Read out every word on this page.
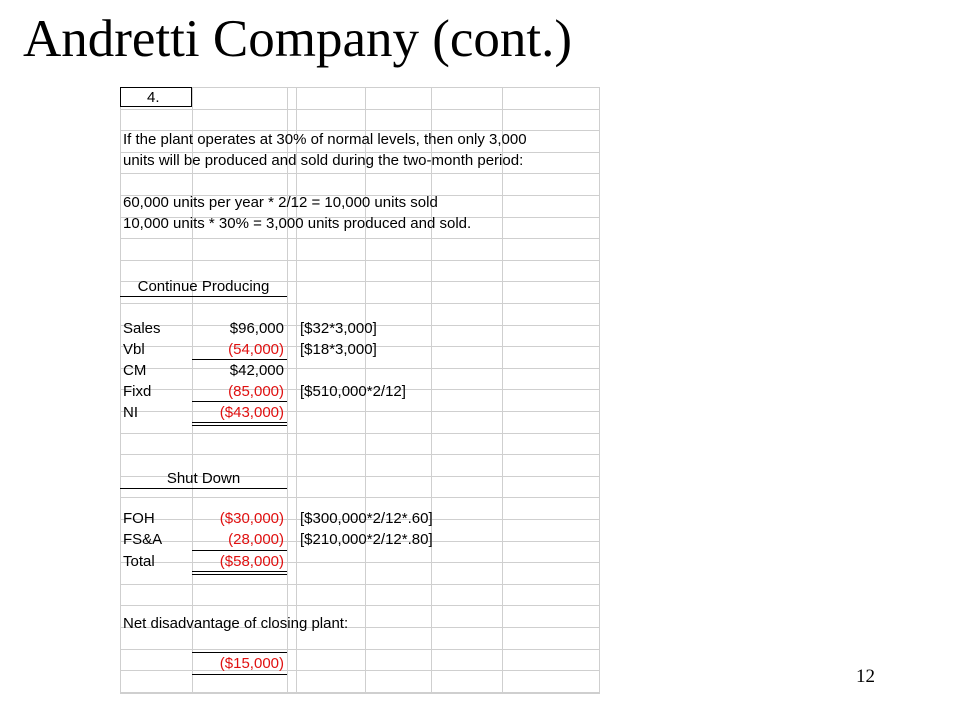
Andretti Company (cont.)
4.
If the plant operates at 30% of normal levels, then only 3,000
units will be produced and sold during the two-month period:
60,000 units per year * 2/12 = 10,000 units sold
10,000 units * 30% = 3,000 units produced and sold.
Continue Producing
Sales	$96,000 [$32*3,000]
Vbl	(54,000) [$18*3,000]
CM	$42,000
Fixd	(85,000) [$510,000*2/12]
NI	($43,000)
Shut Down
FOH	($30,000) [$300,000*2/12*.60]
FS&A	(28,000) [$210,000*2/12*.80]
Total	($58,000)
Net disadvantage of closing plant:
($15,000)
12
